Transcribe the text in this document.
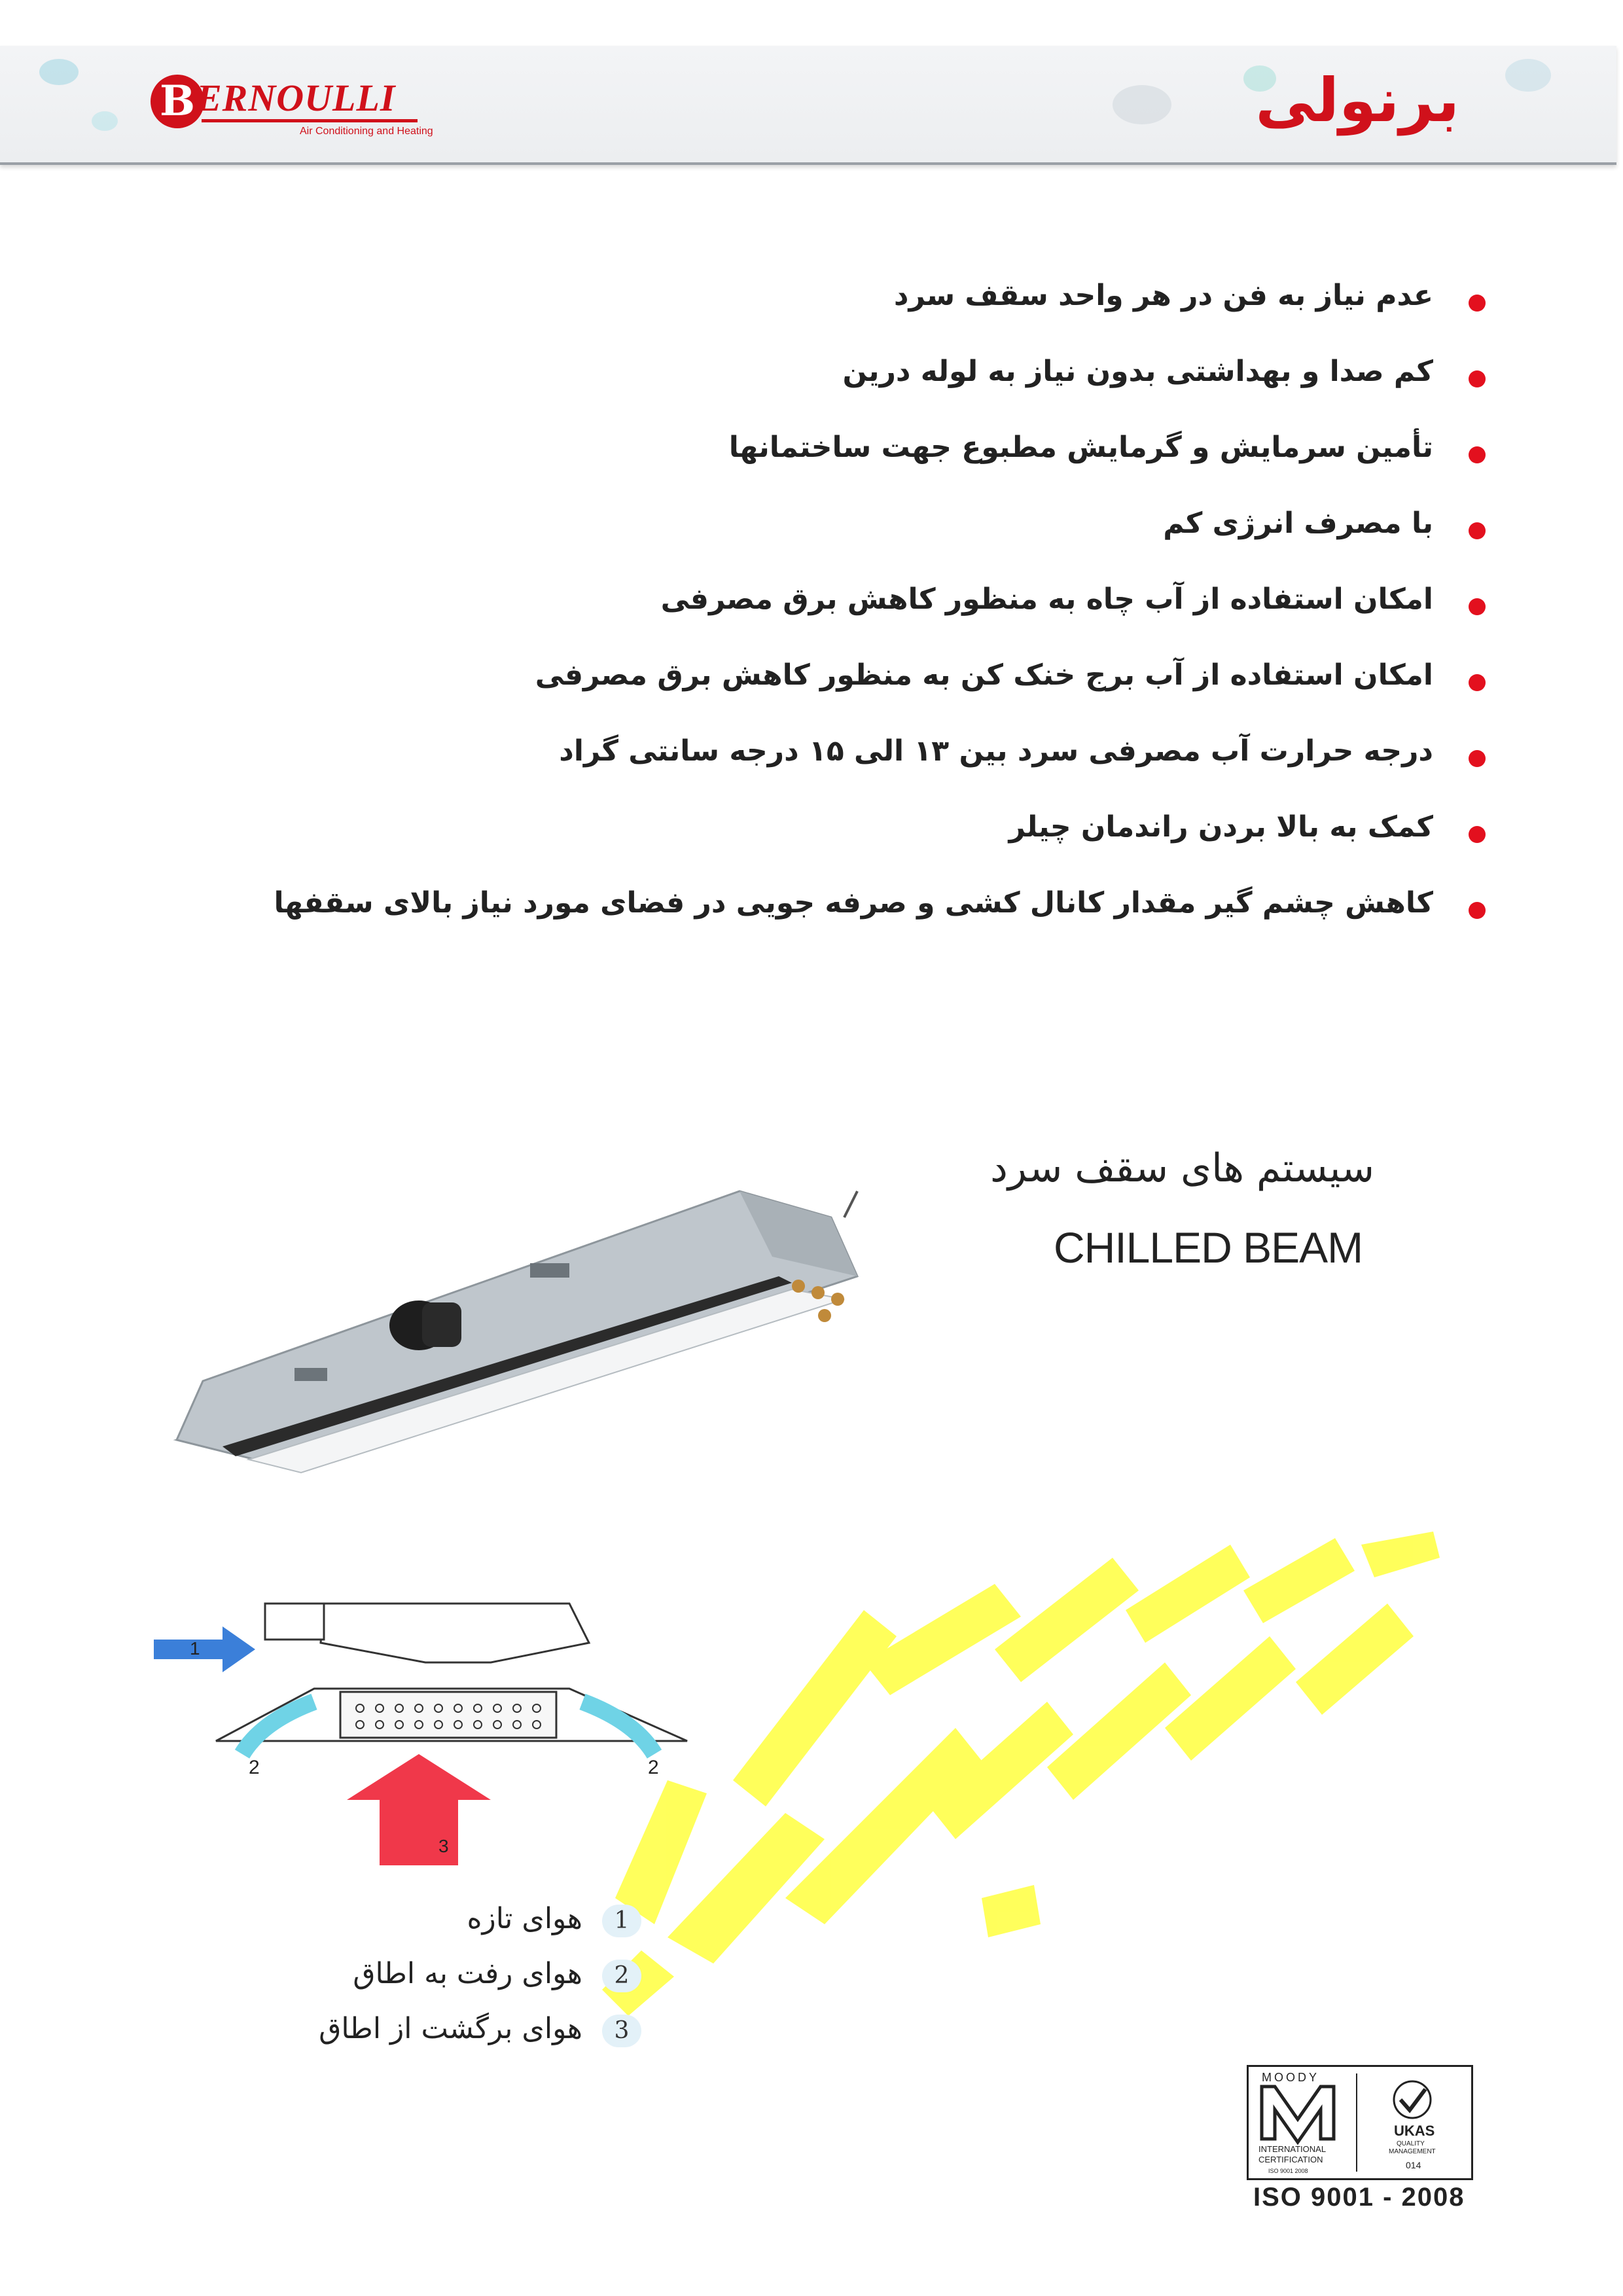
B ERNOULLI
Air Conditioning and Heating	برنولی
عدم نیاز به فن در هر واحد سقف سرد
کم صدا و بهداشتی بدون نیاز به لوله درین
تأمین سرمایش و گرمایش مطبوع جهت ساختمانها
با مصرف انرژی کم
امکان استفاده از آب چاه به منظور کاهش برق مصرفی
امکان استفاده از آب برج خنک کن به منظور کاهش برق مصرفی
درجه حرارت آب مصرفی سرد بین ۱۳ الی ۱۵ درجه سانتی گراد
کمک به بالا بردن راندمان چیلر
کاهش چشم گیر مقدار کانال کشی و صرفه جویی در فضای مورد نیاز بالای سقفها
سیستم های سقف سرد
CHILLED BEAM
1
2	2
3
1
هوای تازه
2
هوای رفت به اطاق
3
هوای برگشت از اطاق
MOODY
INTERNATIONAL
CERTIFICATION
ISO 9001 2008
UKAS
QUALITY
MANAGEMENT
014
ISO 9001 - 2008
